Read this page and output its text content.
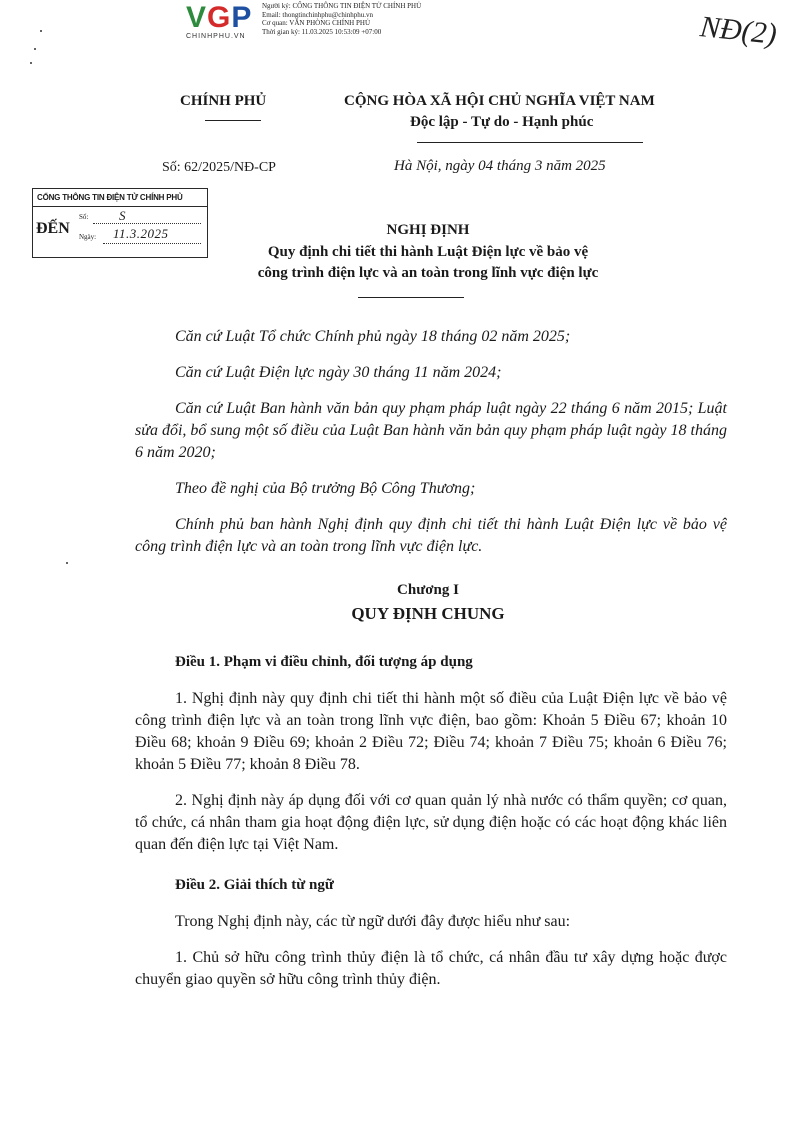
VGP
CHINHPHU.VN
Người ký: CỔNG THÔNG TIN ĐIỆN TỬ CHÍNH PHỦ
Email: thongtinchinhphu@chinhphu.vn
Cơ quan: VĂN PHÒNG CHÍNH PHỦ
Thời gian ký: 11.03.2025 10:53:09 +07:00	NĐ(2)
CHÍNH PHỦ	CỘNG HÒA XÃ HỘI CHỦ NGHĨA VIỆT NAM
Độc lập - Tự do - Hạnh phúc
Số: 62/2025/NĐ-CP	Hà Nội, ngày 04 tháng 3 năm 2025
CỔNG THÔNG TIN ĐIỆN TỬ CHÍNH PHỦ
ĐẾN
Số: S
Ngày: 11.3.2025	NGHỊ ĐỊNH
Quy định chi tiết thi hành Luật Điện lực về bảo vệ
công trình điện lực và an toàn trong lĩnh vực điện lực

Căn cứ Luật Tổ chức Chính phủ ngày 18 tháng 02 năm 2025;

Căn cứ Luật Điện lực ngày 30 tháng 11 năm 2024;

Căn cứ Luật Ban hành văn bản quy phạm pháp luật ngày 22 tháng 6 năm 2015; Luật sửa đổi, bổ sung một số điều của Luật Ban hành văn bản quy phạm pháp luật ngày 18 tháng 6 năm 2020;

Theo đề nghị của Bộ trưởng Bộ Công Thương;

Chính phủ ban hành Nghị định quy định chi tiết thi hành Luật Điện lực về bảo vệ công trình điện lực và an toàn trong lĩnh vực điện lực.

Chương I
QUY ĐỊNH CHUNG
Điều 1. Phạm vi điều chỉnh, đối tượng áp dụng

1. Nghị định này quy định chi tiết thi hành một số điều của Luật Điện lực về bảo vệ công trình điện lực và an toàn trong lĩnh vực điện, bao gồm: Khoản 5 Điều 67; khoản 10 Điều 68; khoản 9 Điều 69; khoản 2 Điều 72; Điều 74; khoản 7 Điều 75; khoản 6 Điều 76; khoản 5 Điều 77; khoản 8 Điều 78.

2. Nghị định này áp dụng đối với cơ quan quản lý nhà nước có thẩm quyền; cơ quan, tổ chức, cá nhân tham gia hoạt động điện lực, sử dụng điện hoặc có các hoạt động khác liên quan đến điện lực tại Việt Nam.

Điều 2. Giải thích từ ngữ

Trong Nghị định này, các từ ngữ dưới đây được hiểu như sau:

1. Chủ sở hữu công trình thủy điện là tổ chức, cá nhân đầu tư xây dựng hoặc được chuyển giao quyền sở hữu công trình thủy điện.
